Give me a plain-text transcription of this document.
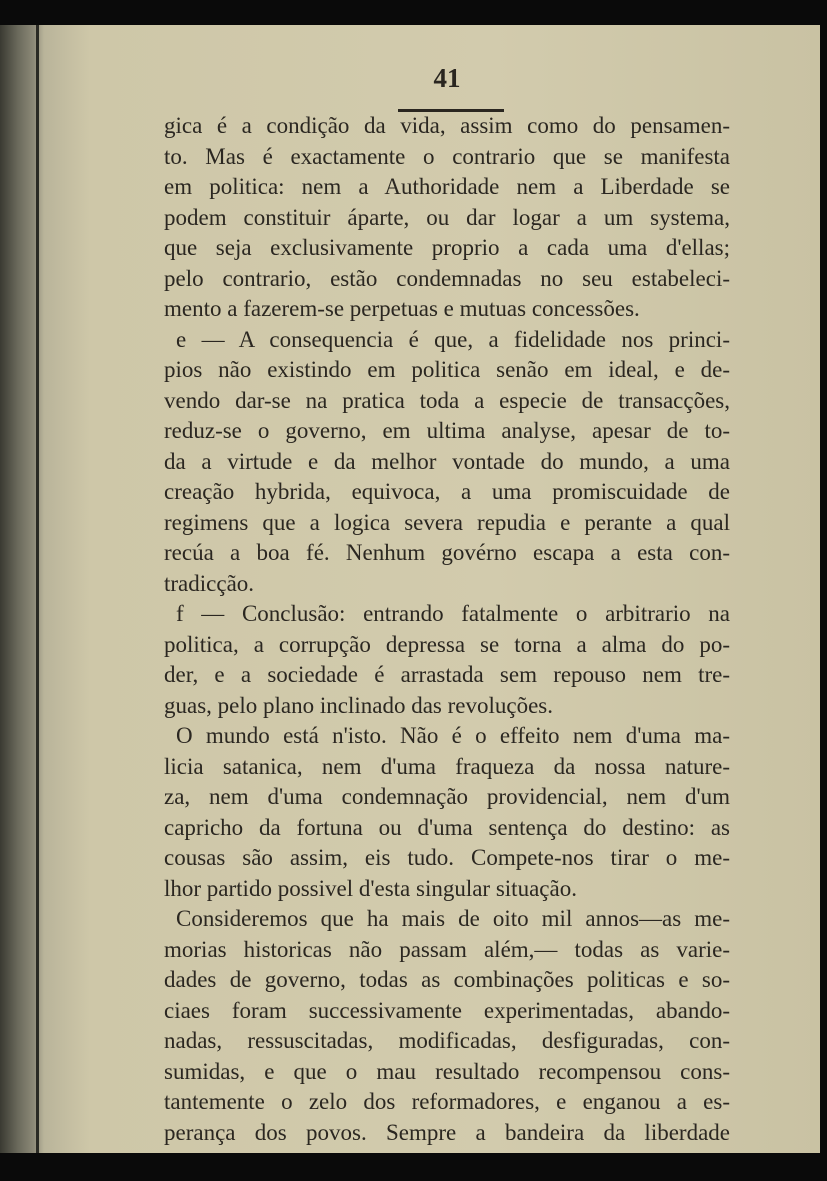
41
gica é a condição da vida, assim como do pensamen-
to. Mas é exactamente o contrario que se manifesta
em politica: nem a Authoridade nem a Liberdade se
podem constituir áparte, ou dar logar a um systema,
que seja exclusivamente proprio a cada uma d'ellas;
pelo contrario, estão condemnadas no seu estabeleci-
mento a fazerem-se perpetuas e mutuas concessões.
e — A consequencia é que, a fidelidade nos princi-
pios não existindo em politica senão em ideal, e de-
vendo dar-se na pratica toda a especie de transacções,
reduz-se o governo, em ultima analyse, apesar de to-
da a virtude e da melhor vontade do mundo, a uma
creação hybrida, equivoca, a uma promiscuidade de
regimens que a logica severa repudia e perante a qual
recúa a boa fé. Nenhum govérno escapa a esta con-
tradicção.
f — Conclusão: entrando fatalmente o arbitrario na
politica, a corrupção depressa se torna a alma do po-
der, e a sociedade é arrastada sem repouso nem tre-
guas, pelo plano inclinado das revoluções.
O mundo está n'isto. Não é o effeito nem d'uma ma-
licia satanica, nem d'uma fraqueza da nossa nature-
za, nem d'uma condemnação providencial, nem d'um
capricho da fortuna ou d'uma sentença do destino: as
cousas são assim, eis tudo. Compete-nos tirar o me-
lhor partido possivel d'esta singular situação.
Consideremos que ha mais de oito mil annos—as me-
morias historicas não passam além,— todas as varie-
dades de governo, todas as combinações politicas e so-
ciaes foram successivamente experimentadas, abando-
nadas, ressuscitadas, modificadas, desfiguradas, con-
sumidas, e que o mau resultado recompensou cons-
tantemente o zelo dos reformadores, e enganou a es-
perança dos povos. Sempre a bandeira da liberdade
